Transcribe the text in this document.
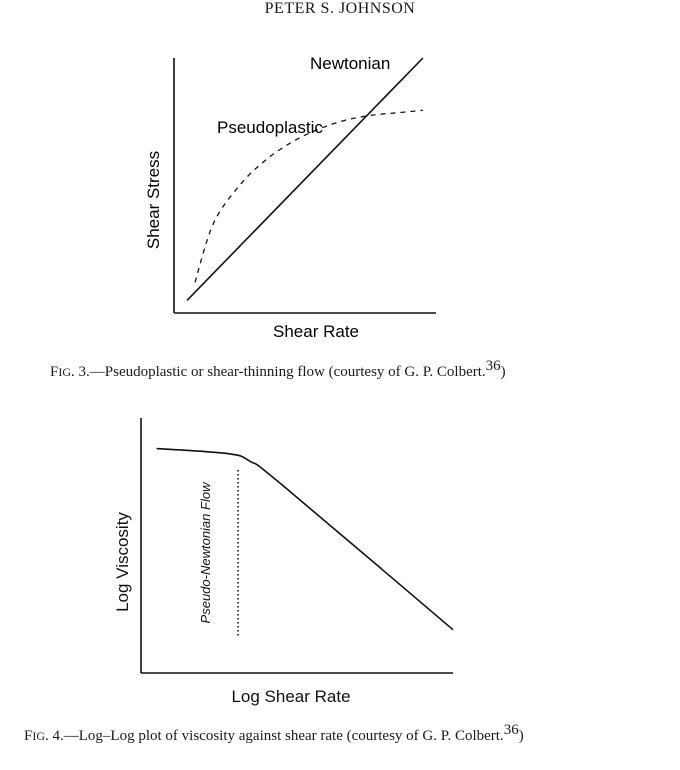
PETER S. JOHNSON
Newtonian
Pseudoplastic
Shear Stress
Shear Rate
FIG. 3.—Pseudoplastic or shear-thinning flow (courtesy of G. P. Colbert.$^{36}$)
Pseudo-Newtonian Flow
Log Viscosity
Log Shear Rate
FIG. 4.—Log–Log plot of viscosity against shear rate (courtesy of G. P. Colbert.$^{36}$)
